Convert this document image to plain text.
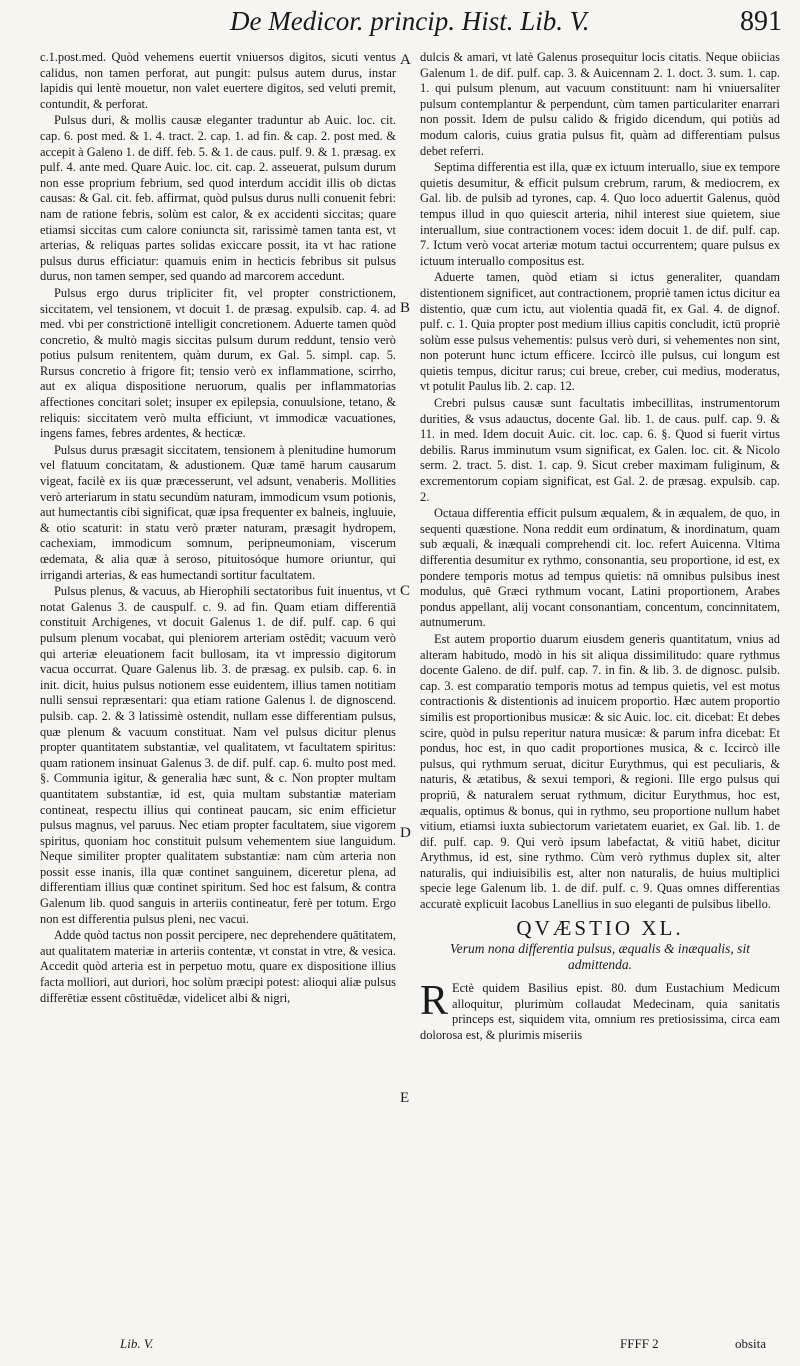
De Medicor. princip. Hist. Lib. V.	891

c.1.post.med. Quòd vehemens euertit vniuersos digitos, sicuti ventus calidus, non tamen perforat, aut pungit: pulsus autem durus, instar lapidis qui lentè mouetur, non valet euertere digitos, sed veluti premit, contundit, & perforat.

Pulsus duri, & mollis causæ eleganter traduntur ab Auic. loc. cit. cap. 6. post med. & 1. 4. tract. 2. cap. 1. ad fin. & cap. 2. post med. & accepit à Galeno 1. de diff. feb. 5. & 1. de caus. pulf. 9. & 1. præsag. ex pulf. 4. ante med. Quare Auic. loc. cit. cap. 2. asseuerat, pulsum durum non esse proprium febrium, sed quod interdum accidit illis ob dictas causas: & Gal. cit. feb. affirmat, quòd pulsus durus nulli conuenit febri: nam de ratione febris, solùm est calor, & ex accidenti siccitas; quare etiamsi siccitas cum calore coniuncta sit, rarissimè tamen tanta est, vt arterias, & reliquas partes solidas exiccare possit, ita vt hac ratione pulsus durus efficiatur: quamuis enim in hecticis febribus sit pulsus durus, non tamen semper, sed quando ad marcorem accedunt.

Pulsus ergo durus tripliciter fit, vel propter constrictionem, siccitatem, vel tensionem, vt docuit 1. de præsag. expulsib. cap. 4. ad med. vbi per constrictionē intelligit concretionem. Aduerte tamen quòd concretio, & multò magis siccitas pulsum durum reddunt, tensio verò potius pulsum renitentem, quàm durum, ex Gal. 5. simpl. cap. 5. Rursus concretio à frigore fit; tensio verò ex inflammatione, scirrho, aut ex aliqua dispositione neruorum, qualis per inflammatorias affectiones concitari solet; insuper ex epilepsia, conuulsione, tetano, & reliquis: siccitatem verò multa efficiunt, vt immodicæ vacuationes, ingens fames, febres ardentes, & hecticæ.

Pulsus durus præsagit siccitatem, tensionem à plenitudine humorum vel flatuum concitatam, & adustionem. Quæ tamē harum causarum vigeat, facilè ex iis quæ præcesserunt, vel adsunt, venaberis. Mollities verò arteriarum in statu secundùm naturam, immodicum vsum potionis, aut humectantis cibi significat, quæ ipsa frequenter ex balneis, ingluuie, & otio scaturit: in statu verò præter naturam, præsagit hydropem, cachexiam, immodicum somnum, peripneumoniam, viscerum œdemata, & alia quæ à seroso, pituitosóque humore oriuntur, qui irrigandi arterias, & eas humectandi sortitur facultatem.

Pulsus plenus, & vacuus, ab Hierophili sectatoribus fuit inuentus, vt notat Galenus 3. de causpulf. c. 9. ad fin. Quam etiam differentiā constituit Archigenes, vt docuit Galenus 1. de dif. pulf. cap. 6 qui pulsum plenum vocabat, qui pleniorem arteriam ostēdit; vacuum verò qui arteriæ eleuationem facit bullosam, ita vt impressio digitorum vacua occurrat. Quare Galenus lib. 3. de præsag. ex pulsib. cap. 6. in init. dicit, huius pulsus notionem esse euidentem, illius tamen notitiam nulli sensui repræsentari: qua etiam ratione Galenus l. de dignoscend. pulsib. cap. 2. & 3 latissimè ostendit, nullam esse differentiam pulsus, quæ plenum & vacuum constituat. Nam vel pulsus dicitur plenus propter quantitatem substantiæ, vel qualitatem, vt facultatem spiritus: quam rationem insinuat Galenus 3. de dif. pulf. cap. 6. multo post med. §. Communia igitur, & generalia hæc sunt, & c. Non propter multam quantitatem substantiæ, id est, quia multam substantiæ materiam contineat, respectu illius qui contineat paucam, sic enim efficietur pulsus magnus, vel paruus. Nec etiam propter facultatem, siue vigorem spiritus, quoniam hoc constituit pulsum vehementem siue languidum. Neque similiter propter qualitatem substantiæ: nam cùm arteria non possit esse inanis, illa quæ continet sanguinem, diceretur plena, ad differentiam illius quæ continet spiritum. Sed hoc est falsum, & contra Galenum lib. quod sanguis in arteriis contineatur, ferè per totum. Ergo non est differentia pulsus pleni, nec vacui.

Adde quòd tactus non possit percipere, nec deprehendere quātitatem, aut qualitatem materiæ in arteriis contentæ, vt constat in vtre, & vesica. Accedit quòd arteria est in perpetuo motu, quare ex dispositione illius facta molliori, aut duriori, hoc solùm præcipi potest: alioqui aliæ pulsus differētiæ essent cōstituēdæ, videlicet albi & nigri,

A
B
C
D
E

dulcis & amari, vt latè Galenus prosequitur locis citatis. Neque obiicias Galenum 1. de dif. pulf. cap. 3. & Auicennam 2. 1. doct. 3. sum. 1. cap. 1. qui pulsum plenum, aut vacuum constituunt: nam hi vniuersaliter pulsum contemplantur & perpendunt, cùm tamen particulariter enarrari non possit. Idem de pulsu calido & frigido dicendum, qui potiùs ad modum caloris, cuius gratia pulsus fit, quàm ad differentiam pulsus debet referri.

Septima differentia est illa, quæ ex ictuum interuallo, siue ex tempore quietis desumitur, & efficit pulsum crebrum, rarum, & mediocrem, ex Gal. lib. de pulsib ad tyrones, cap. 4. Quo loco aduertit Galenus, quòd tempus illud in quo quiescit arteria, nihil interest siue quietem, siue interuallum, siue contractionem voces: idem docuit 1. de dif. pulf. cap. 7. Ictum verò vocat arteriæ motum tactui occurrentem; quare pulsus ex ictuum interuallo compositus est.

Aduerte tamen, quòd etiam si ictus generaliter, quandam distentionem significet, aut contractionem, propriè tamen ictus dicitur ea distentio, quæ cum ictu, aut violentia quadā fit, ex Gal. 4. de dignof. pulf. c. 1. Quia propter post medium illius capitis concludit, ictū propriè solùm esse pulsus vehementis: pulsus verò duri, si vehementes non sint, non poterunt hunc ictum efficere. Iccircò ille pulsus, cui longum est quietis tempus, dicitur rarus; cui breue, creber, cui medius, moderatus, vt potulit Paulus lib. 2. cap. 12.

Crebri pulsus causæ sunt facultatis imbecillitas, instrumentorum durities, & vsus adauctus, docente Gal. lib. 1. de caus. pulf. cap. 9. & 11. in med. Idem docuit Auic. cit. loc. cap. 6. §. Quod si fuerit virtus debilis. Rarus imminutum vsum significat, ex Galen. loc. cit. & Nicolo serm. 2. tract. 5. dist. 1. cap. 9. Sicut creber maximam fuliginum, & excrementorum copiam significat, est Gal. 2. de præsag. expulsib. cap. 2.

Octaua differentia efficit pulsum æqualem, & in æqualem, de quo, in sequenti quæstione. Nona reddit eum ordinatum, & inordinatum, quam sub æquali, & inæquali comprehendi cit. loc. refert Auicenna. Vltima differentia desumitur ex rythmo, consonantia, seu proportione, id est, ex pondere temporis motus ad tempus quietis: nā omnibus pulsibus inest modulus, quē Græci rythmum vocant, Latini proportionem, Arabes pondus appellant, alij vocant consonantiam, concentum, concinnitatem, autnumerum.

Est autem proportio duarum eiusdem generis quantitatum, vnius ad alteram habitudo, modò in his sit aliqua dissimilitudo: quare rythmus docente Galeno. de dif. pulf. cap. 7. in fin. & lib. 3. de dignosc. pulsib. cap. 3. est comparatio temporis motus ad tempus quietis, vel est motus contractionis & distentionis ad inuicem proportio. Hæc autem proportio similis est proportionibus musicæ: & sic Auic. loc. cit. dicebat: Et debes scire, quòd in pulsu reperitur natura musicæ: & parum infra dicebat: Et pondus, hoc est, in quo cadit proportiones musica, & c. Iccircò ille pulsus, qui rythmum seruat, dicitur Eurythmus, qui est peculiaris, & naturis, & ætatibus, & sexui tempori, & regioni. Ille ergo pulsus qui propriū, & naturalem seruat rythmum, dicitur Eurythmus, hoc est, æqualis, optimus & bonus, qui in rythmo, seu proportione nullum habet vitium, etiamsi iuxta subiectorum varietatem euariet, ex Gal. lib. 1. de dif. pulf. cap. 9. Qui verò ipsum labefactat, & vitiū habet, dicitur Arythmus, id est, sine rythmo. Cùm verò rythmus duplex sit, alter naturalis, qui indiuisibilis est, alter non naturalis, de huius multiplici specie lege Galenum lib. 1. de dif. pulf. c. 9. Quas omnes differentias accuratè explicuit Iacobus Lanellius in suo eleganti de pulsibus libello.

QVÆSTIO XL.
Verum nona differentia pulsus, æqualis & inæqualis, sit admittenda.

R Ectè quidem Basilius epist. 80. dum Eustachium Medicum alloquitur, plurimùm collaudat Medecinam, quia sanitatis princeps est, siquidem vita, omnium res pretiosissima, circa eam dolorosa est, & plurimis miseriis

Lib. V.	FFFF 2	obsita
